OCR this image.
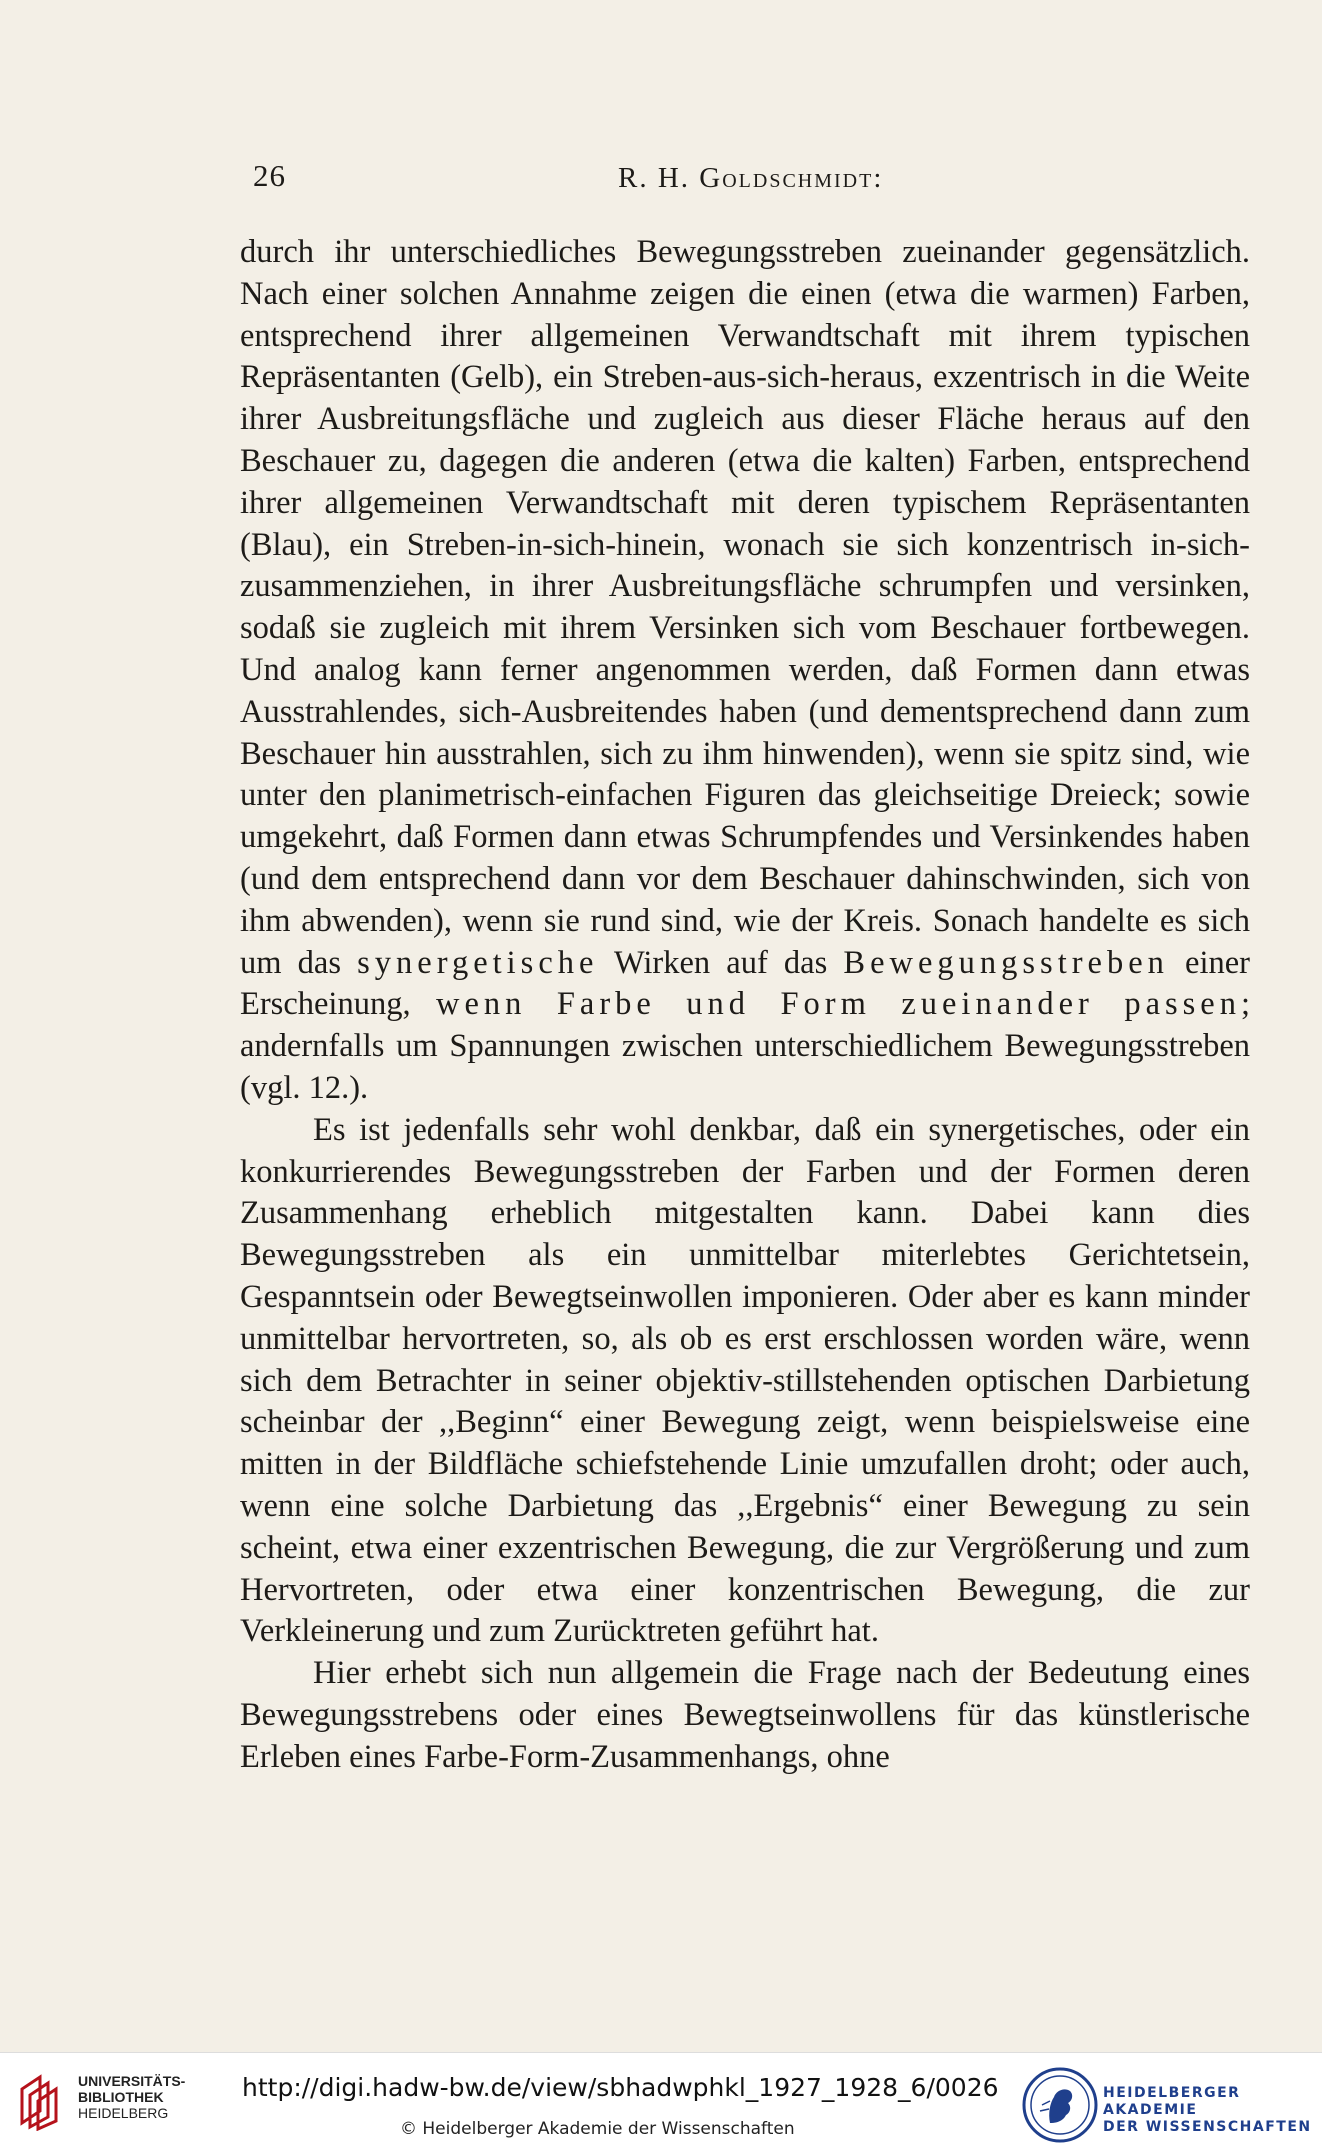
26	R. H. Goldschmidt:

durch ihr unterschiedliches Bewegungsstreben zueinander gegensätzlich. Nach einer solchen Annahme zeigen die einen (etwa die warmen) Farben, entsprechend ihrer allgemeinen Verwandtschaft mit ihrem typischen Repräsentanten (Gelb), ein Streben-aus-sich-heraus, exzentrisch in die Weite ihrer Ausbreitungsfläche und zugleich aus dieser Fläche heraus auf den Beschauer zu, dagegen die anderen (etwa die kalten) Farben, entsprechend ihrer allgemeinen Verwandtschaft mit deren typischem Repräsentanten (Blau), ein Streben-in-sich-hinein, wonach sie sich konzentrisch in-sich-zusammenziehen, in ihrer Ausbreitungsfläche schrumpfen und versinken, sodaß sie zugleich mit ihrem Versinken sich vom Beschauer fortbewegen. Und analog kann ferner angenommen werden, daß Formen dann etwas Ausstrahlendes, sich-Ausbreitendes haben (und dementsprechend dann zum Beschauer hin ausstrahlen, sich zu ihm hinwenden), wenn sie spitz sind, wie unter den planimetrisch-einfachen Figuren das gleichseitige Dreieck; sowie umgekehrt, daß Formen dann etwas Schrumpfendes und Versinkendes haben (und dem entsprechend dann vor dem Beschauer dahinschwinden, sich von ihm abwenden), wenn sie rund sind, wie der Kreis. Sonach handelte es sich um das synergetische Wirken auf das Bewegungsstreben einer Erscheinung, wenn Farbe und Form zueinander passen; andernfalls um Spannungen zwischen unterschiedlichem Bewegungsstreben (vgl. 12.).

Es ist jedenfalls sehr wohl denkbar, daß ein synergetisches, oder ein konkurrierendes Bewegungsstreben der Farben und der Formen deren Zusammenhang erheblich mitgestalten kann. Dabei kann dies Bewegungsstreben als ein unmittelbar miterlebtes Gerichtetsein, Gespanntsein oder Bewegtseinwollen imponieren. Oder aber es kann minder unmittelbar hervortreten, so, als ob es erst erschlossen worden wäre, wenn sich dem Betrachter in seiner objektiv-stillstehenden optischen Darbietung scheinbar der ,,Beginn“ einer Bewegung zeigt, wenn beispielsweise eine mitten in der Bildfläche schiefstehende Linie umzufallen droht; oder auch, wenn eine solche Darbietung das ,,Ergebnis“ einer Bewegung zu sein scheint, etwa einer exzentrischen Bewegung, die zur Vergrößerung und zum Hervortreten, oder etwa einer konzentrischen Bewegung, die zur Verkleinerung und zum Zurücktreten geführt hat.

Hier erhebt sich nun allgemein die Frage nach der Bedeutung eines Bewegungsstrebens oder eines Bewegtseinwollens für das künstlerische Erleben eines Farbe-Form-Zusammenhangs, ohne

UNIVERSITÄTS-
BIBLIOTHEK
HEIDELBERG
http://digi.hadw-bw.de/view/sbhadwphkl_1927_1928_6/0026
© Heidelberger Akademie der Wissenschaften
HEIDELBERGER AKADEMIE
DER WISSENSCHAFTEN
